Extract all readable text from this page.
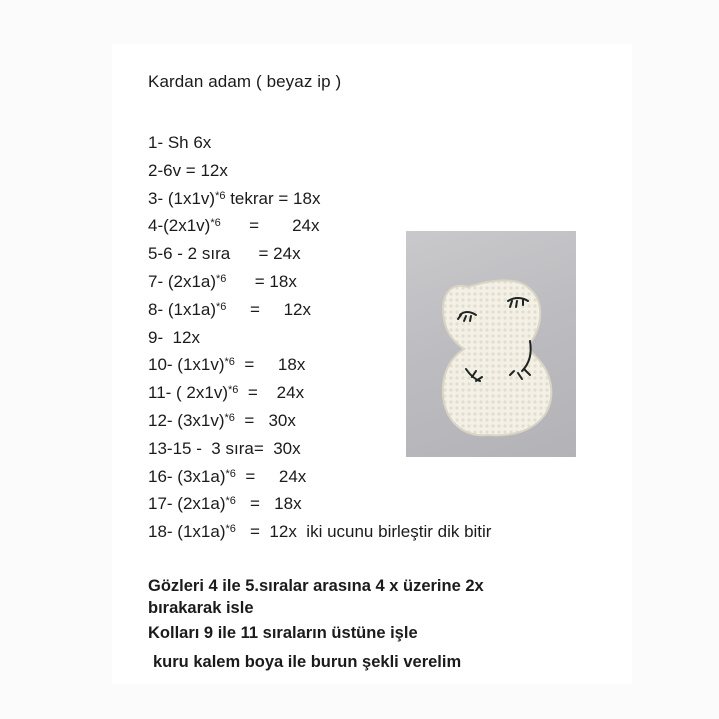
Kardan adam ( beyaz ip )
1- Sh 6x
2-6v = 12x
3- $(1x1v)^{*6}$ tekrar = 18x
$4-(2x1v)^{*6}$      =       24x
5-6 - 2 sıra      = 24x
7- $(2x1a)^{*6}$      = 18x
8- $(1x1a)^{*6}$     =     12x
9-  12x
10- $(1x1v)^{*6}$  =     18x
11- ( 2x1v)$^{*6}$  =    24x
12- $(3x1v)^{*6} = 30x$
13-15 -  3 sıra=  30x
16- $(3x1a)^{*6}$  =     24x
17- $(2x1a)^{*6} = 18x$
18- $(1x1a)^{*6} = 12x$  iki ucunu birleştir dik bitir
Gözleri 4 ile 5.sıralar arasına 4 x üzerine 2x
bırakarak isle
Kolları 9 ile 11 sıraların üstüne işle
kuru kalem boya ile burun şekli verelim
